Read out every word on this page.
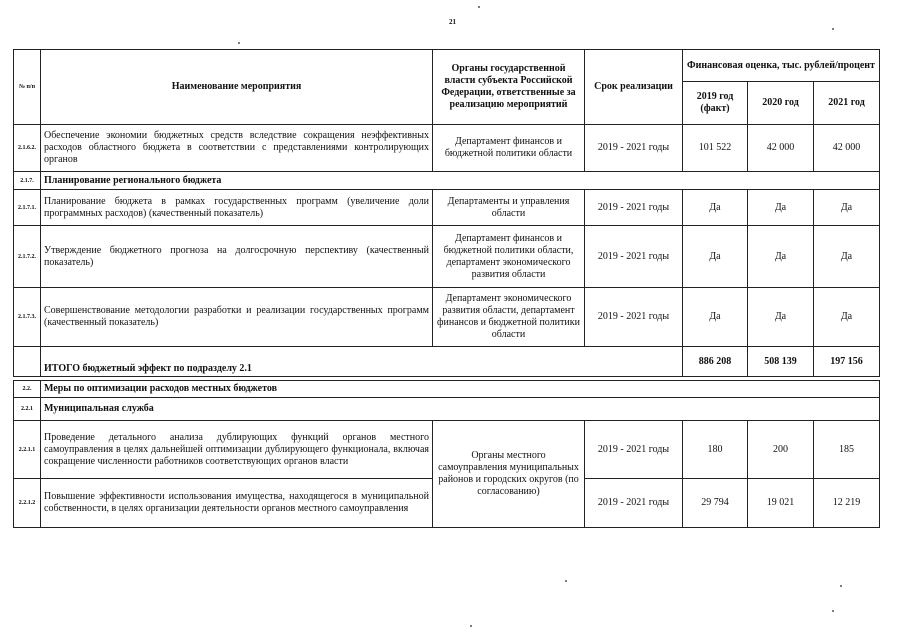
21
№ п/п	Наименование мероприятия	Органы государственной власти субъекта Российской Федерации, ответственные за реализацию мероприятий	Срок реализации	Финансовая оценка, тыс. рублей/процент		
				2019 год (факт)	2020 год	2021 год
2.1.6.2.	Обеспечение экономии бюджетных средств вследствие сокращения неэффективных расходов областного бюджета в соответствии с представлениями контролирующих органов	Департамент финансов и бюджетной политики области	2019 - 2021 годы	101 522	42 000	42 000
2.1.7.	Планирование регионального бюджета					
2.1.7.1.	Планирование бюджета в рамках государственных программ (увеличение доли программных расходов) (качественный показатель)	Департаменты и управления области	2019 - 2021 годы	Да	Да	Да
2.1.7.2.	Утверждение бюджетного прогноза на долгосрочную перспективу (качественный показатель)	Департамент финансов и бюджетной политики области, департамент экономического развития области	2019 - 2021 годы	Да	Да	Да
2.1.7.3.	Совершенствование методологии разработки и реализации государственных программ (качественный показатель)	Департамент экономического развития области, департамент финансов и бюджетной политики области	2019 - 2021 годы	Да	Да	Да
	ИТОГО бюджетный эффект по подразделу 2.1			886 208	508 139	197 156

2.2.	Меры по оптимизации расходов местных бюджетов					
2.2.1	Муниципальная служба					
2.2.1.1	Проведение детального анализа дублирующих функций органов местного самоуправления в целях дальнейшей оптимизации дублирующего функционала, включая сокращение численности работников соответствующих органов власти	Органы местного самоуправления муниципальных районов и городских округов (по согласованию)	2019 - 2021 годы	180	200	185
2.2.1.2	Повышение эффективности использования имущества, находящегося в муниципальной собственности, в целях организации деятельности органов местного самоуправления		2019 - 2021 годы	29 794	19 021	12 219
